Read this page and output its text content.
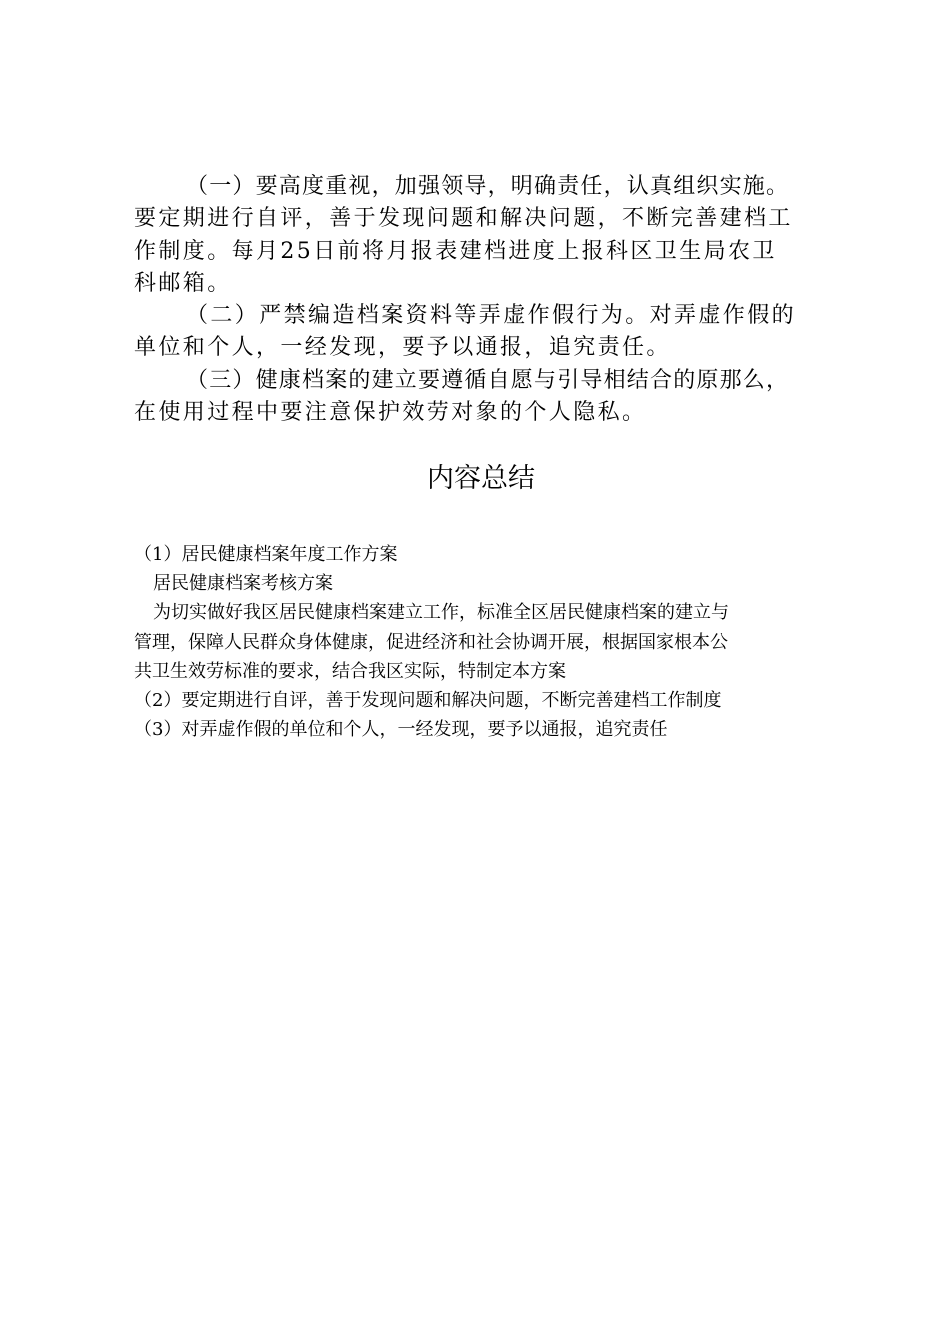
（一）要高度重视，加强领导，明确责任，认真组织实施。

要定期进行自评，善于发现问题和解决问题，不断完善建档工

作制度。每月25日前将月报表建档进度上报科区卫生局农卫

科邮箱。

（二）严禁编造档案资料等弄虚作假行为。对弄虚作假的

单位和个人，一经发现，要予以通报，追究责任。

（三）健康档案的建立要遵循自愿与引导相结合的原那么，

在使用过程中要注意保护效劳对象的个人隐私。

内容总结

（1）居民健康档案年度工作方案

居民健康档案考核方案

为切实做好我区居民健康档案建立工作，标准全区居民健康档案的建立与

管理，保障人民群众身体健康，促进经济和社会协调开展，根据国家根本公

共卫生效劳标准的要求，结合我区实际，特制定本方案

（2）要定期进行自评，善于发现问题和解决问题，不断完善建档工作制度

（3）对弄虚作假的单位和个人，一经发现，要予以通报，追究责任
